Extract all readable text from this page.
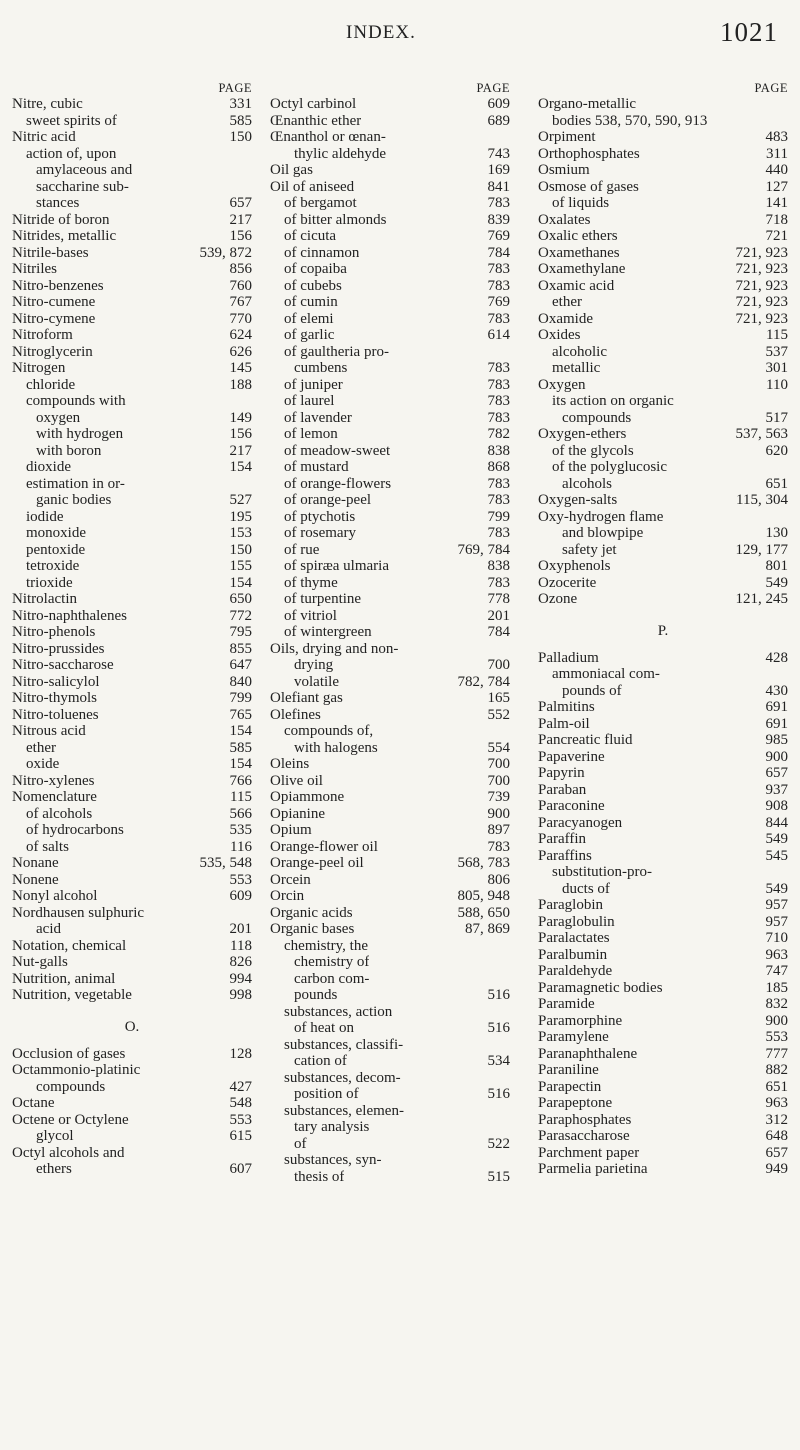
INDEX.	1021
PAGE
Nitre, cubic	331
sweet spirits of	585
Nitric acid	150
action of, upon
amylaceous and
saccharine sub-
stances	657
Nitride of boron	217
Nitrides, metallic	156
Nitrile-bases	539, 872
Nitriles	856
Nitro-benzenes	760
Nitro-cumene	767
Nitro-cymene	770
Nitroform	624
Nitroglycerin	626
Nitrogen	145
chloride	188
compounds with
oxygen	149
with hydrogen	156
with boron	217
dioxide	154
estimation in or-
ganic bodies	527
iodide	195
monoxide	153
pentoxide	150
tetroxide	155
trioxide	154
Nitrolactin	650
Nitro-naphthalenes	772
Nitro-phenols	795
Nitro-prussides	855
Nitro-saccharose	647
Nitro-salicylol	840
Nitro-thymols	799
Nitro-toluenes	765
Nitrous acid	154
ether	585
oxide	154
Nitro-xylenes	766
Nomenclature	115
of alcohols	566
of hydrocarbons	535
of salts	116
Nonane	535, 548
Nonene	553
Nonyl alcohol	609
Nordhausen sulphuric
acid	201
Notation, chemical	118
Nut-galls	826
Nutrition, animal	994
Nutrition, vegetable	998
O.
Occlusion of gases	128
Octammonio-platinic
compounds	427
Octane	548
Octene or Octylene	553
glycol	615
Octyl alcohols and
ethers	607
PAGE
Octyl carbinol	609
Œnanthic ether	689
Œnanthol or œnan-
thylic aldehyde	743
Oil gas	169
Oil of aniseed	841
of bergamot	783
of bitter almonds	839
of cicuta	769
of cinnamon	784
of copaiba	783
of cubebs	783
of cumin	769
of elemi	783
of garlic	614
of gaultheria pro-
cumbens	783
of juniper	783
of laurel	783
of lavender	783
of lemon	782
of meadow-sweet	838
of mustard	868
of orange-flowers	783
of orange-peel	783
of ptychotis	799
of rosemary	783
of rue	769, 784
of spiræa ulmaria	838
of thyme	783
of turpentine	778
of vitriol	201
of wintergreen	784
Oils, drying and non-
drying	700
volatile	782, 784
Olefiant gas	165
Olefines	552
compounds of,
with halogens	554
Oleins	700
Olive oil	700
Opiammone	739
Opianine	900
Opium	897
Orange-flower oil	783
Orange-peel oil	568, 783
Orcein	806
Orcin	805, 948
Organic acids	588, 650
Organic bases	87, 869
chemistry, the
chemistry of
carbon com-
pounds	516
substances, action
of heat on	516
substances, classifi-
cation of	534
substances, decom-
position of	516
substances, elemen-
tary analysis
of	522
substances, syn-
thesis of	515
PAGE
Organo-metallic
bodies 538, 570, 590, 913
Orpiment	483
Orthophosphates	311
Osmium	440
Osmose of gases	127
of liquids	141
Oxalates	718
Oxalic ethers	721
Oxamethanes	721, 923
Oxamethylane	721, 923
Oxamic acid	721, 923
ether	721, 923
Oxamide	721, 923
Oxides	115
alcoholic	537
metallic	301
Oxygen	110
its action on organic
compounds	517
Oxygen-ethers	537, 563
of the glycols	620
of the polyglucosic
alcohols	651
Oxygen-salts	115, 304
Oxy-hydrogen flame
and blowpipe	130
safety jet	129, 177
Oxyphenols	801
Ozocerite	549
Ozone	121, 245
P.
Palladium	428
ammoniacal com-
pounds of	430
Palmitins	691
Palm-oil	691
Pancreatic fluid	985
Papaverine	900
Papyrin	657
Paraban	937
Paraconine	908
Paracyanogen	844
Paraffin	549
Paraffins	545
substitution-pro-
ducts of	549
Paraglobin	957
Paraglobulin	957
Paralactates	710
Paralbumin	963
Paraldehyde	747
Paramagnetic bodies	185
Paramide	832
Paramorphine	900
Paramylene	553
Paranaphthalene	777
Paraniline	882
Parapectin	651
Parapeptone	963
Paraphosphates	312
Parasaccharose	648
Parchment paper	657
Parmelia parietina	949
